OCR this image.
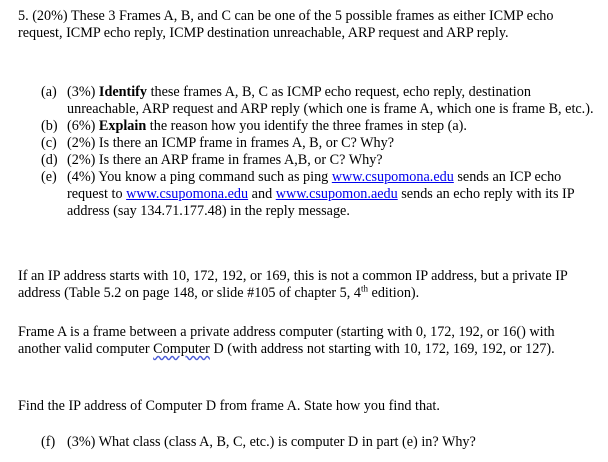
5. (20%) These 3 Frames A, B, and C can be one of the 5 possible frames as either ICMP echo request, ICMP echo reply, ICMP destination unreachable, ARP request and ARP reply.

(a) (3%) Identify these frames A, B, C as ICMP echo request, echo reply, destination unreachable, ARP request and ARP reply (which one is frame A, which one is frame B, etc.).
(b) (6%) Explain the reason how you identify the three frames in step (a).
(c) (2%) Is there an ICMP frame in frames A, B, or C? Why?
(d) (2%) Is there an ARP frame in frames A,B, or C? Why?
(e) (4%) You know a ping command such as ping www.csupomona.edu sends an ICP echo request to www.csupomona.edu and www.csupomon.aedu sends an echo reply with its IP address (say 134.71.177.48) in the reply message.

If an IP address starts with 10, 172, 192, or 169, this is not a common IP address, but a private IP address (Table 5.2 on page 148, or slide #105 of chapter 5, 4th edition).

Frame A is a frame between a private address computer (starting with 0, 172, 192, or 16() with another valid computer Computer D (with address not starting with 10, 172, 169, 192, or 127).

Find the IP address of Computer D from frame A. State how you find that.

(f) (3%) What class (class A, B, C, etc.) is computer D in part (e) in? Why?
